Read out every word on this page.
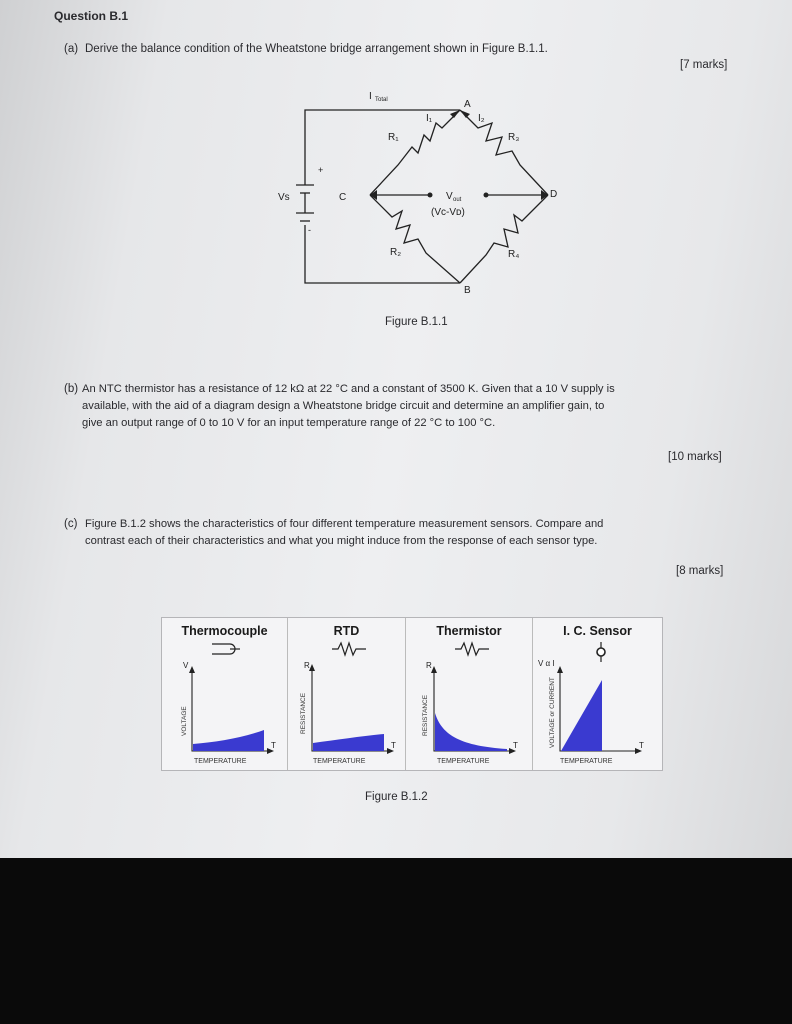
Question B.1
(a) Derive the balance condition of the Wheatstone bridge arrangement shown in Figure B.1.1.
[7 marks]
I Total	A
I₁	I₂
R₁	R₃
+
Vs
-
C	D
V out
(Vc-Vᴅ)
R₂	R₄
B
Figure B.1.1
(b) An NTC thermistor has a resistance of 12 kΩ at 22 °C and a constant of 3500 K. Given that a 10 V supply is
available, with the aid of a diagram design a Wheatstone bridge circuit and determine an amplifier gain, to
give an output range of 0 to 10 V for an input temperature range of 22 °C to 100 °C.
[10 marks]
(c) Figure B.1.2 shows the characteristics of four different temperature measurement sensors. Compare and
contrast each of their characteristics and what you might induce from the response of each sensor type.
[8 marks]
Thermocouple	RTD	Thermistor	I. C. Sensor
V
T
R
T
R
T
V α I
T
VOLTAGE	RESISTANCE	RESISTANCE	VOLTAGE or CURRENT
TEMPERATURE	TEMPERATURE	TEMPERATURE	TEMPERATURE
Figure B.1.2
